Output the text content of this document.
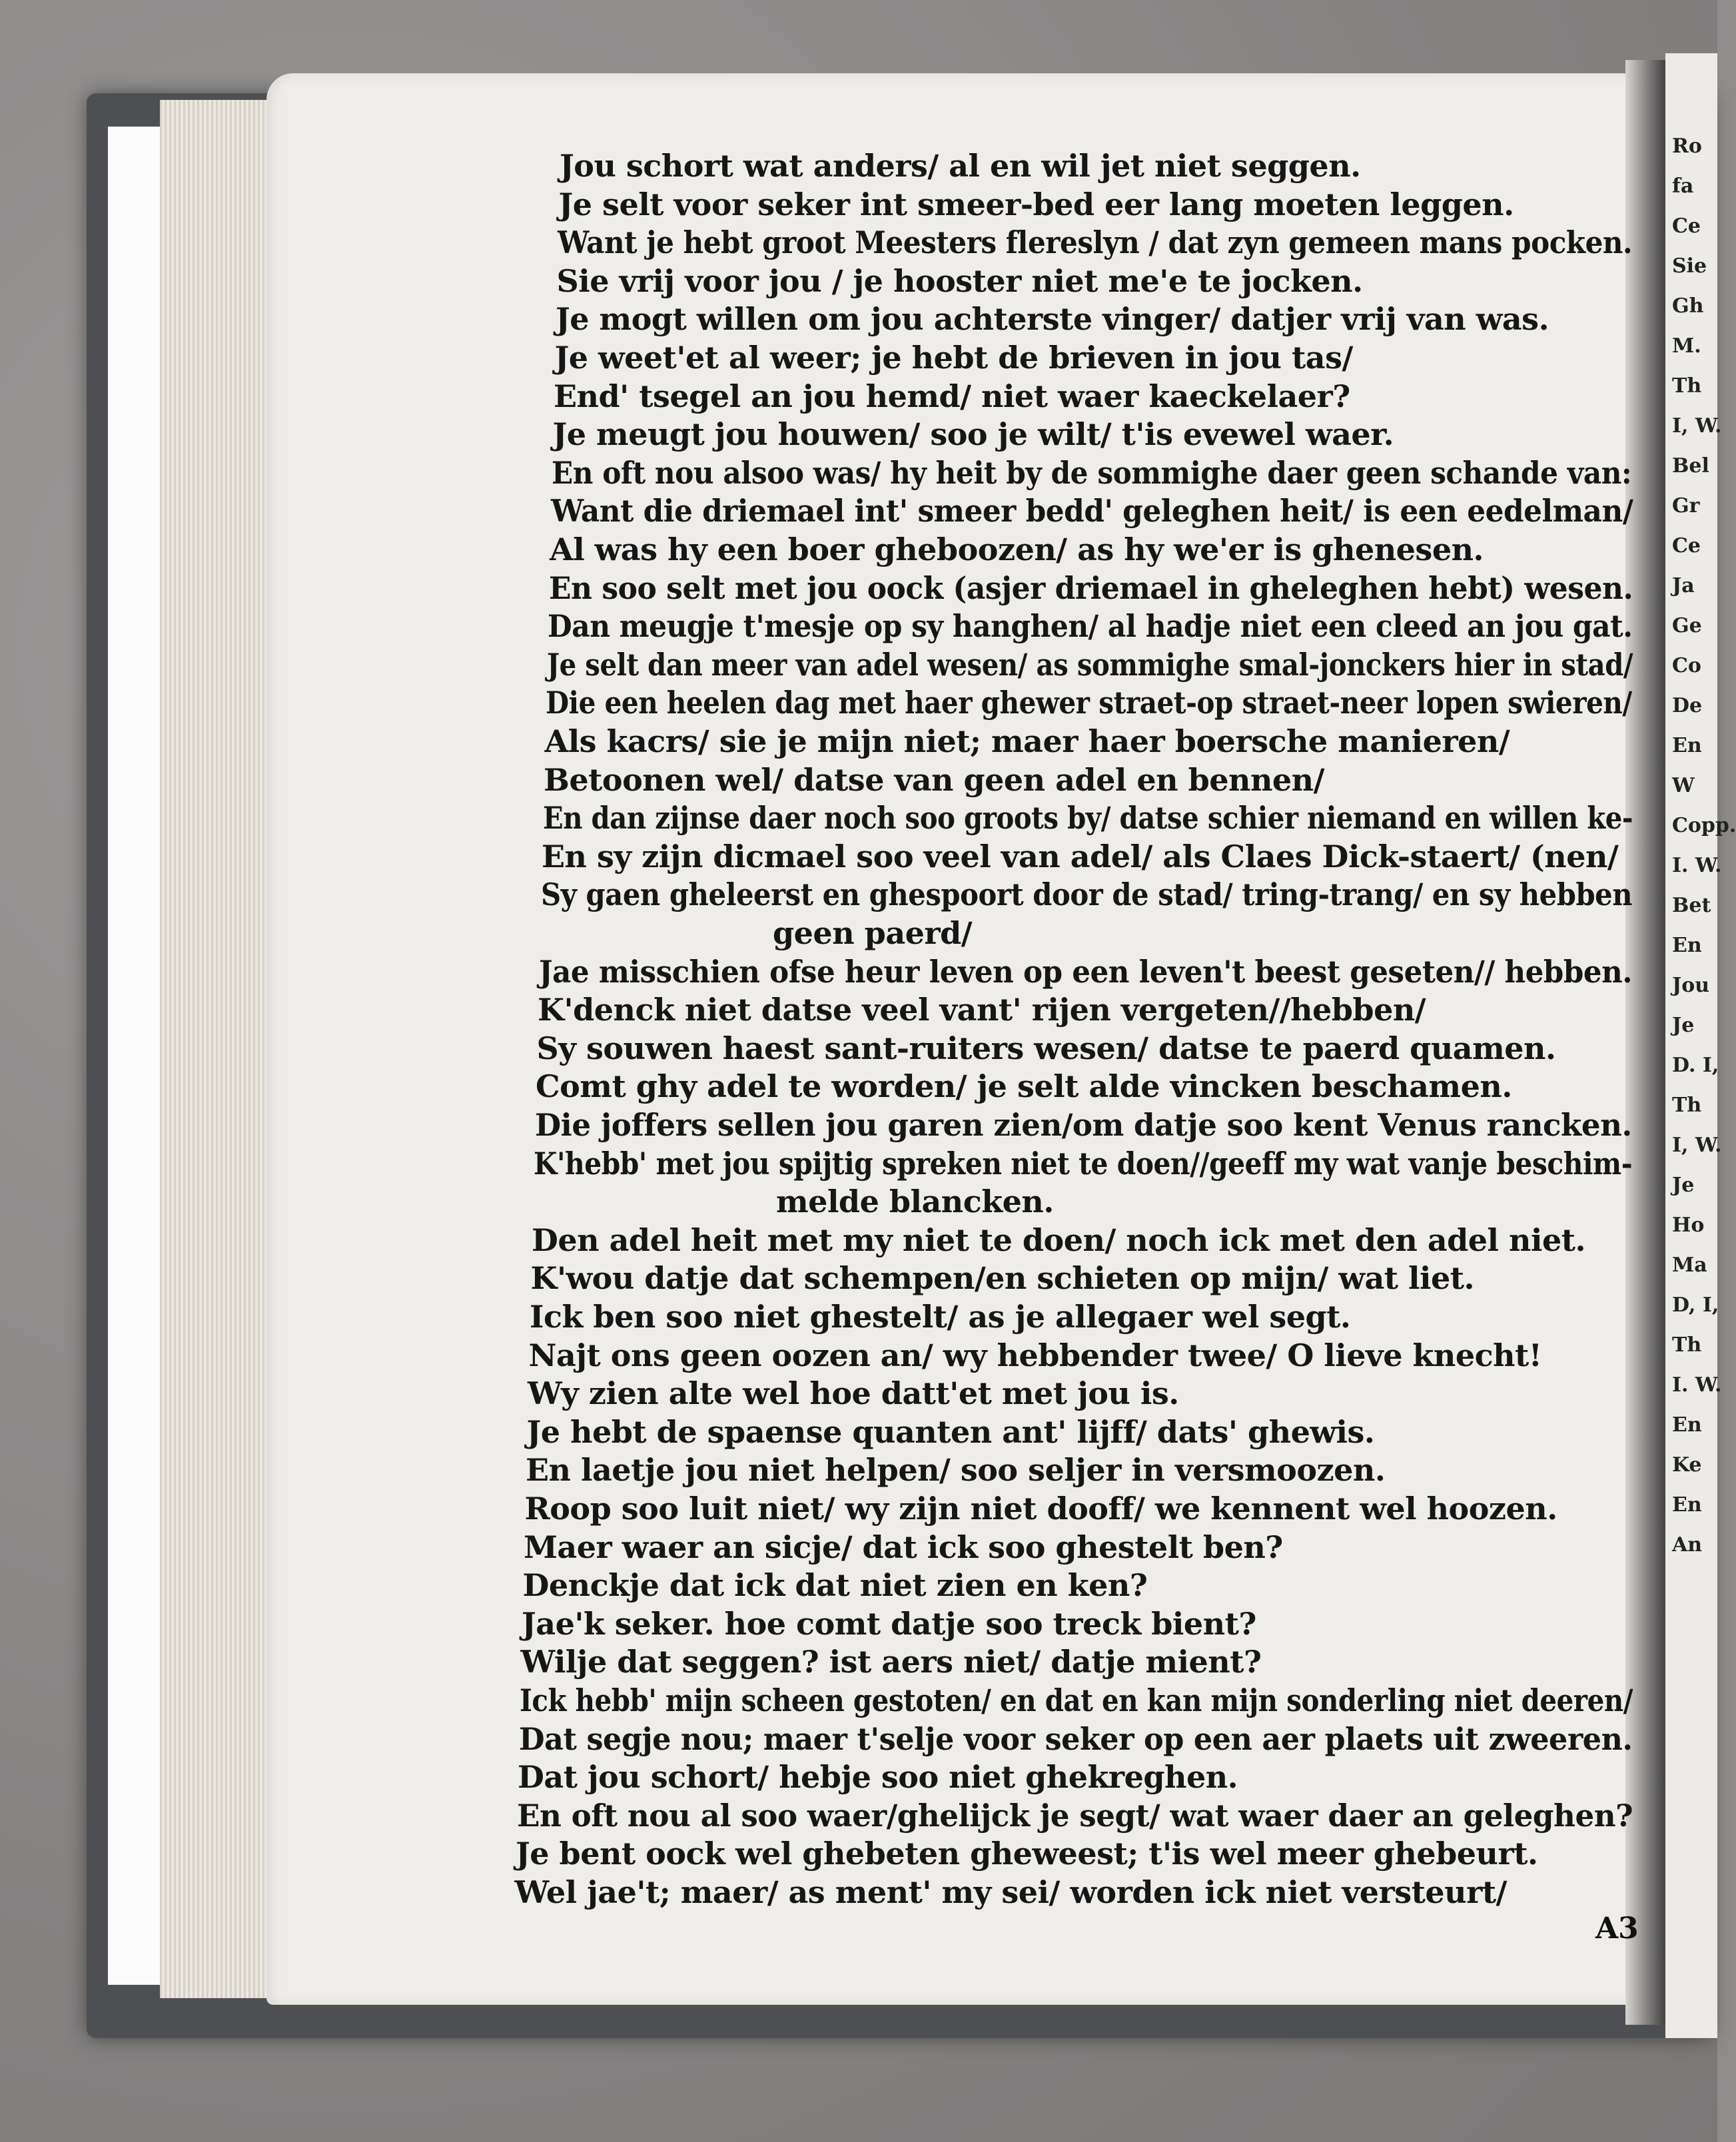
Ro
fa
Ce
Sie
Gh
M.
Th
I, W.
Bel
Gr
Ce
Ja
Ge
Co
De
En
W
Copp.
I. W.
Bet
En
Jou
Je
D. I,
Th
I, W.
Je
Ho
Ma
D, I,
Th
I. W.
En
Ke
En
An
Jou schort wat anders/ al en wil jet niet seggen.
Je selt voor seker int smeer-bed eer lang moeten leggen.
Want je hebt groot Meesters flereslyn / dat zyn gemeen mans pocken.
Sie vrij voor jou / je hooster niet me'e te jocken.
Je mogt willen om jou achterste vinger/ datjer vrij van was.
Je weet'et al weer; je hebt de brieven in jou tas/
End' tsegel an jou hemd/ niet waer kaeckelaer?
Je meugt jou houwen/ soo je wilt/ t'is evewel waer.
En oft nou alsoo was/ hy heit by de sommighe daer geen schande van:
Want die driemael int' smeer bedd' geleghen heit/ is een eedelman/
Al was hy een boer gheboozen/ as hy we'er is ghenesen.
En soo selt met jou oock (asjer driemael in gheleghen hebt) wesen.
Dan meugje t'mesje op sy hanghen/ al hadje niet een cleed an jou gat.
Je selt dan meer van adel wesen/ as sommighe smal-jonckers hier in stad/
Die een heelen dag met haer ghewer straet-op straet-neer lopen swieren/
Als kacrs/ sie je mijn niet; maer haer boersche manieren/
Betoonen wel/ datse van geen adel en bennen/
En dan zijnse daer noch soo groots by/ datse schier niemand en willen ke-
En sy zijn dicmael soo veel van adel/ als Claes Dick-staert/ (nen/
Sy gaen gheleerst en ghespoort door de stad/ tring-trang/ en sy hebben
geen paerd/
Jae misschien ofse heur leven op een leven't beest geseten// hebben.
K'denck niet datse veel vant' rijen vergeten//hebben/
Sy souwen haest sant-ruiters wesen/ datse te paerd quamen.
Comt ghy adel te worden/ je selt alde vincken beschamen.
Die joffers sellen jou garen zien/om datje soo kent Venus rancken.
K'hebb' met jou spijtig spreken niet te doen//geeff my wat vanje beschim-
melde blancken.
Den adel heit met my niet te doen/ noch ick met den adel niet.
K'wou datje dat schempen/en schieten op mijn/ wat liet.
Ick ben soo niet ghestelt/ as je allegaer wel segt.
Najt ons geen oozen an/ wy hebbender twee/ O lieve knecht!
Wy zien alte wel hoe datt'et met jou is.
Je hebt de spaense quanten ant' lijff/ dats' ghewis.
En laetje jou niet helpen/ soo seljer in versmoozen.
Roop soo luit niet/ wy zijn niet dooff/ we kennent wel hoozen.
Maer waer an sicje/ dat ick soo ghestelt ben?
Denckje dat ick dat niet zien en ken?
Jae'k seker. hoe comt datje soo treck bient?
Wilje dat seggen? ist aers niet/ datje mient?
Ick hebb' mijn scheen gestoten/ en dat en kan mijn sonderling niet deeren/
Dat segje nou; maer t'selje voor seker op een aer plaets uit zweeren.
Dat jou schort/ hebje soo niet ghekreghen.
En oft nou al soo waer/ghelijck je segt/ wat waer daer an geleghen?
Je bent oock wel ghebeten gheweest; t'is wel meer ghebeurt.
Wel jae't; maer/ as ment' my sei/ worden ick niet versteurt/
A3
